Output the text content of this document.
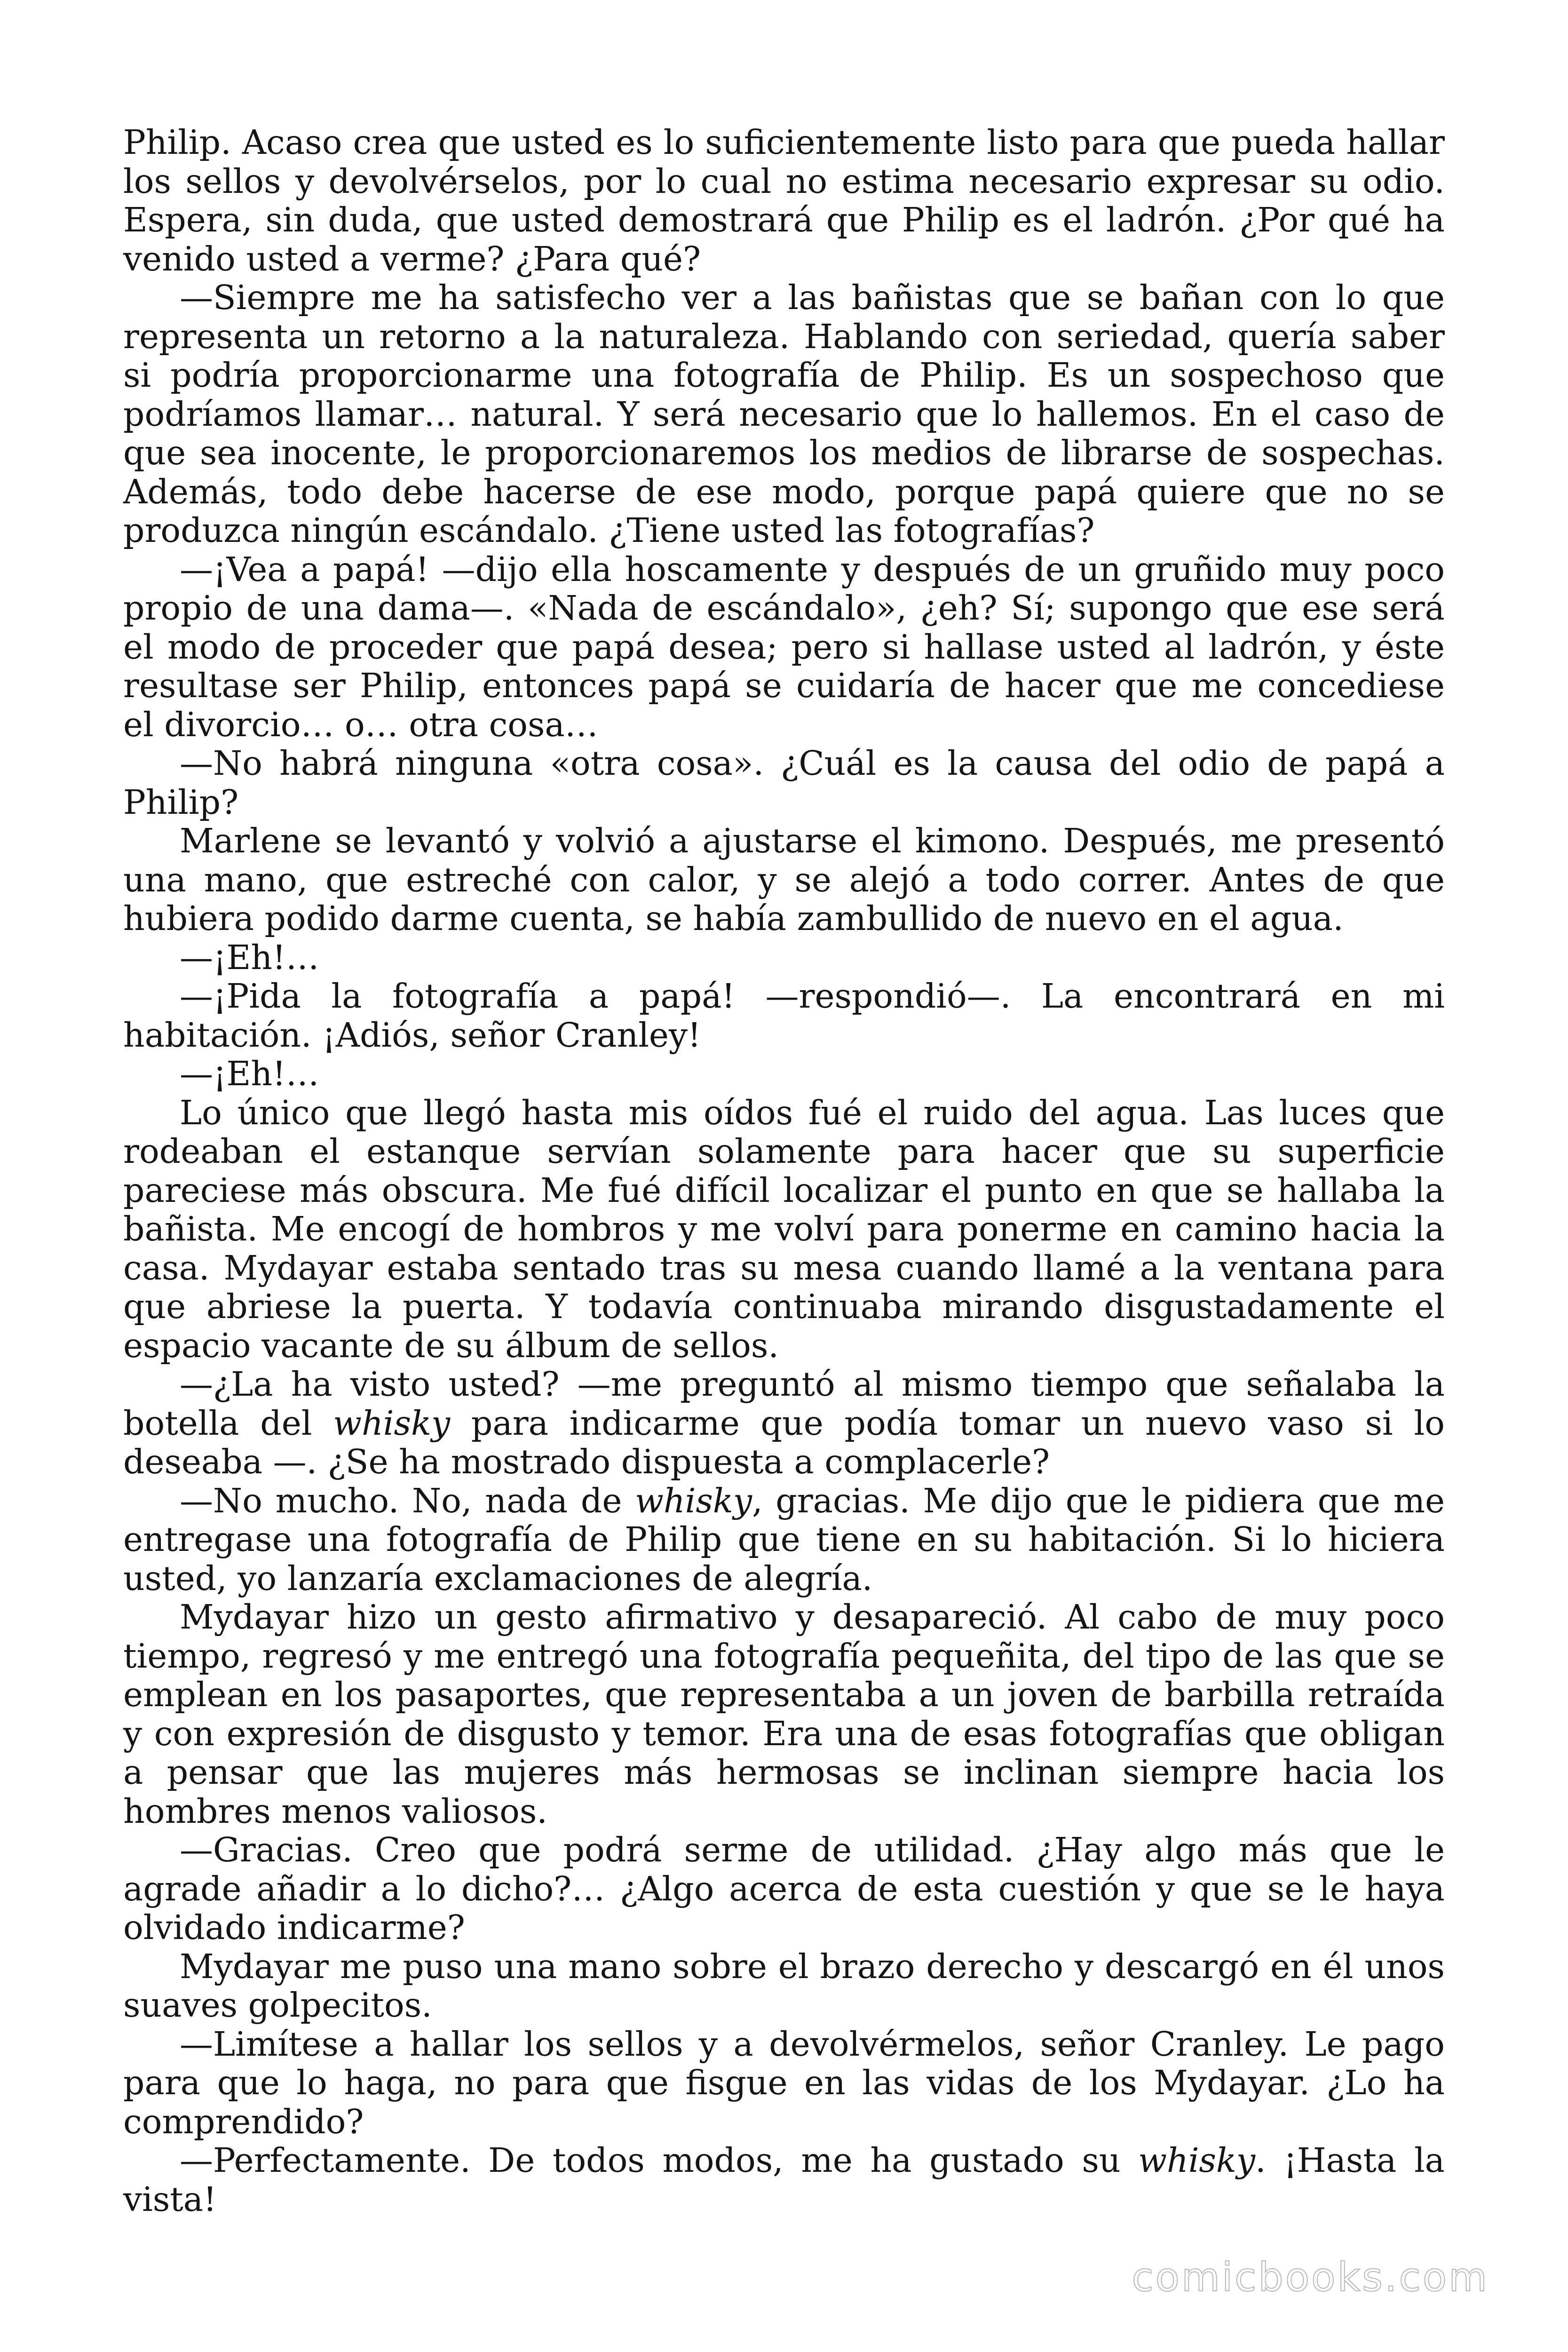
Philip. Acaso crea que usted es lo suficientemente listo para que pueda hallar los sellos y devolvérselos, por lo cual no estima necesario expresar su odio. Espera, sin duda, que usted demostrará que Philip es el ladrón. ¿Por qué ha venido usted a verme? ¿Para qué?

—Siempre me ha satisfecho ver a las bañistas que se bañan con lo que representa un retorno a la naturaleza. Hablando con seriedad, quería saber si podría proporcionarme una fotografía de Philip. Es un sospechoso que podríamos llamar… natural. Y será necesario que lo hallemos. En el caso de que sea inocente, le proporcionaremos los medios de librarse de sospechas. Además, todo debe hacerse de ese modo, porque papá quiere que no se produzca ningún escándalo. ¿Tiene usted las fotografías?

—¡Vea a papá! —dijo ella hoscamente y después de un gruñido muy poco propio de una dama—. «Nada de escándalo», ¿eh? Sí; supongo que ese será el modo de proceder que papá desea; pero si hallase usted al ladrón, y éste resultase ser Philip, entonces papá se cuidaría de hacer que me concediese el divorcio… o… otra cosa…

—No habrá ninguna «otra cosa». ¿Cuál es la causa del odio de papá a Philip?

Marlene se levantó y volvió a ajustarse el kimono. Después, me presentó una mano, que estreché con calor, y se alejó a todo correr. Antes de que hubiera podido darme cuenta, se había zambullido de nuevo en el agua.

—¡Eh!…

—¡Pida la fotografía a papá! —respondió—. La encontrará en mi habitación. ¡Adiós, señor Cranley!

—¡Eh!…

Lo único que llegó hasta mis oídos fué el ruido del agua. Las luces que rodeaban el estanque servían solamente para hacer que su superficie pareciese más obscura. Me fué difícil localizar el punto en que se hallaba la bañista. Me encogí de hombros y me volví para ponerme en camino hacia la casa. Mydayar estaba sentado tras su mesa cuando llamé a la ventana para que abriese la puerta. Y todavía continuaba mirando disgustadamente el espacio vacante de su álbum de sellos.

—¿La ha visto usted? —me preguntó al mismo tiempo que señalaba la botella del whisky para indicarme que podía tomar un nuevo vaso si lo deseaba —. ¿Se ha mostrado dispuesta a complacerle?

—No mucho. No, nada de whisky, gracias. Me dijo que le pidiera que me entregase una fotografía de Philip que tiene en su habitación. Si lo hiciera usted, yo lanzaría exclamaciones de alegría.

Mydayar hizo un gesto afirmativo y desapareció. Al cabo de muy poco tiempo, regresó y me entregó una fotografía pequeñita, del tipo de las que se emplean en los pasaportes, que representaba a un joven de barbilla retraída y con expresión de disgusto y temor. Era una de esas fotografías que obligan a pensar que las mujeres más hermosas se inclinan siempre hacia los hombres menos valiosos.

—Gracias. Creo que podrá serme de utilidad. ¿Hay algo más que le agrade añadir a lo dicho?… ¿Algo acerca de esta cuestión y que se le haya olvidado indicarme?

Mydayar me puso una mano sobre el brazo derecho y descargó en él unos suaves golpecitos.

—Limítese a hallar los sellos y a devolvérmelos, señor Cranley. Le pago para que lo haga, no para que fisgue en las vidas de los Mydayar. ¿Lo ha comprendido?

—Perfectamente. De todos modos, me ha gustado su whisky. ¡Hasta la vista!

comicbooks.com
